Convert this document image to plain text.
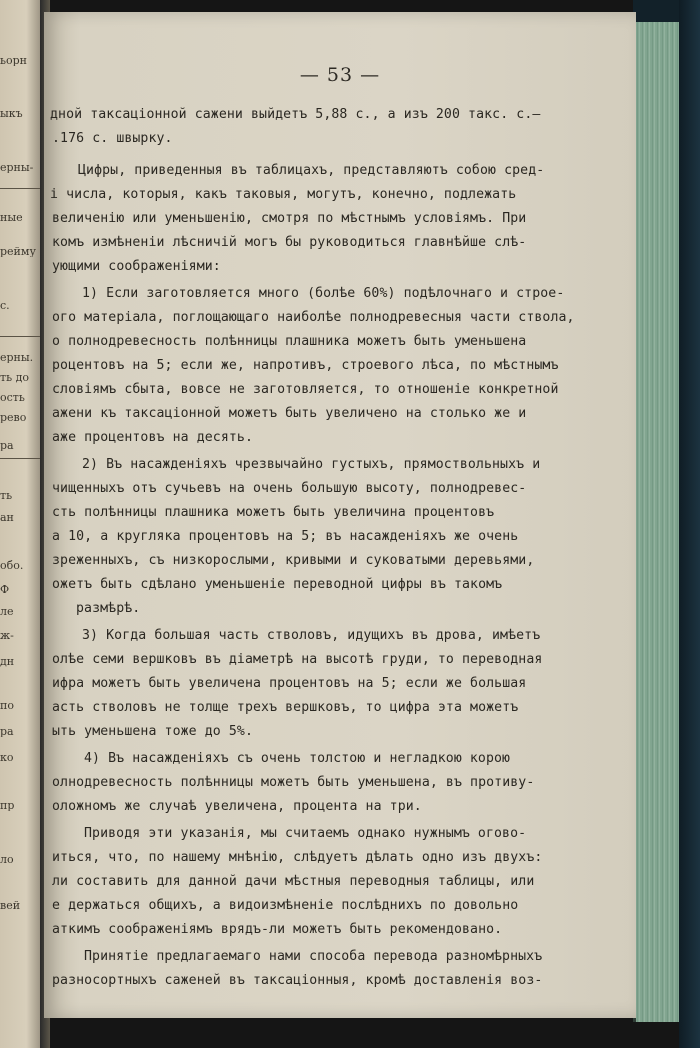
ьорн
ыкъ
ерны-
ные
рейму
с.
ерны.
ть до
ость
рево
ра
ть
ан
обо.
Ф
ле
ж-
дн
по
ра
ко
пр
ло
вей
— 53 —
дной таксаціонной сажени выйдетъ 5,88 с., а изъ 200 такс. с.—
.176 с. швырку.
Цифры, приведенныя въ таблицахъ, представляютъ собою сред-
і числа, которыя, какъ таковыя, могутъ, конечно, подлежать
величенію или уменьшенію, смотря по мѣстнымъ условіямъ. При
комъ измѣненіи лѣсничій могъ бы руководиться главнѣйше слѣ-
ующими соображеніями:
1) Если заготовляется много (болѣе 60%) подѣлочнаго и строе-
ого матеріала, поглощающаго наиболѣе полнодревесныя части стволa,
о полнодревесность полѣнницы плашника можетъ быть уменьшена
роцентовъ на 5; если же, напротивъ, строевого лѣса, по мѣстнымъ
словіямъ сбыта, вовсе не заготовляется, то отношеніе конкретной
ажени къ таксаціонной можетъ быть увеличено на столько же и
аже процентовъ на десять.
2) Въ насажденіяхъ чрезвычайно густыхъ, прямоствольныхъ и
чищенныхъ отъ сучьевъ на очень большую высоту, полнодревес-
сть полѣнницы плашника можетъ быть увеличина процентовъ
а 10, а кругляка процентовъ на 5; въ насажденіяхъ же очень
зреженныхъ, съ низкорослыми, кривыми и суковатыми деревьями,
ожетъ быть сдѣлано уменьшеніе переводной цифры въ такомъ
размѣрѣ.
3) Когда большая часть стволовъ, идущихъ въ дрова, имѣетъ
олѣе семи вершковъ въ діаметрѣ на высотѣ груди, то переводная
ифра можетъ быть увеличена процентовъ на 5; если же большая
асть стволовъ не толще трехъ вершковъ, то цифра эта можетъ
ыть уменьшена тоже до 5%.
4) Въ насажденіяхъ съ очень толстою и негладкою корою
олнодревесность полѣнницы можетъ быть уменьшена, въ противу-
оложномъ же случаѣ увеличена, процента на три.
Приводя эти указанія, мы считаемъ однако нужнымъ огово-
иться, что, по нашему мнѣнію, слѣдуетъ дѣлать одно изъ двухъ:
ли составить для данной дачи мѣстныя переводныя таблицы, или
е держаться общихъ, а видоизмѣненіе послѣднихъ по довольно
аткимъ соображеніямъ врядъ-ли можетъ быть рекомендовано.
Принятіе предлагаемаго нами способа перевода разномѣрныхъ
разносортныхъ саженей въ таксаціонныя, кромѣ доставленія воз-
